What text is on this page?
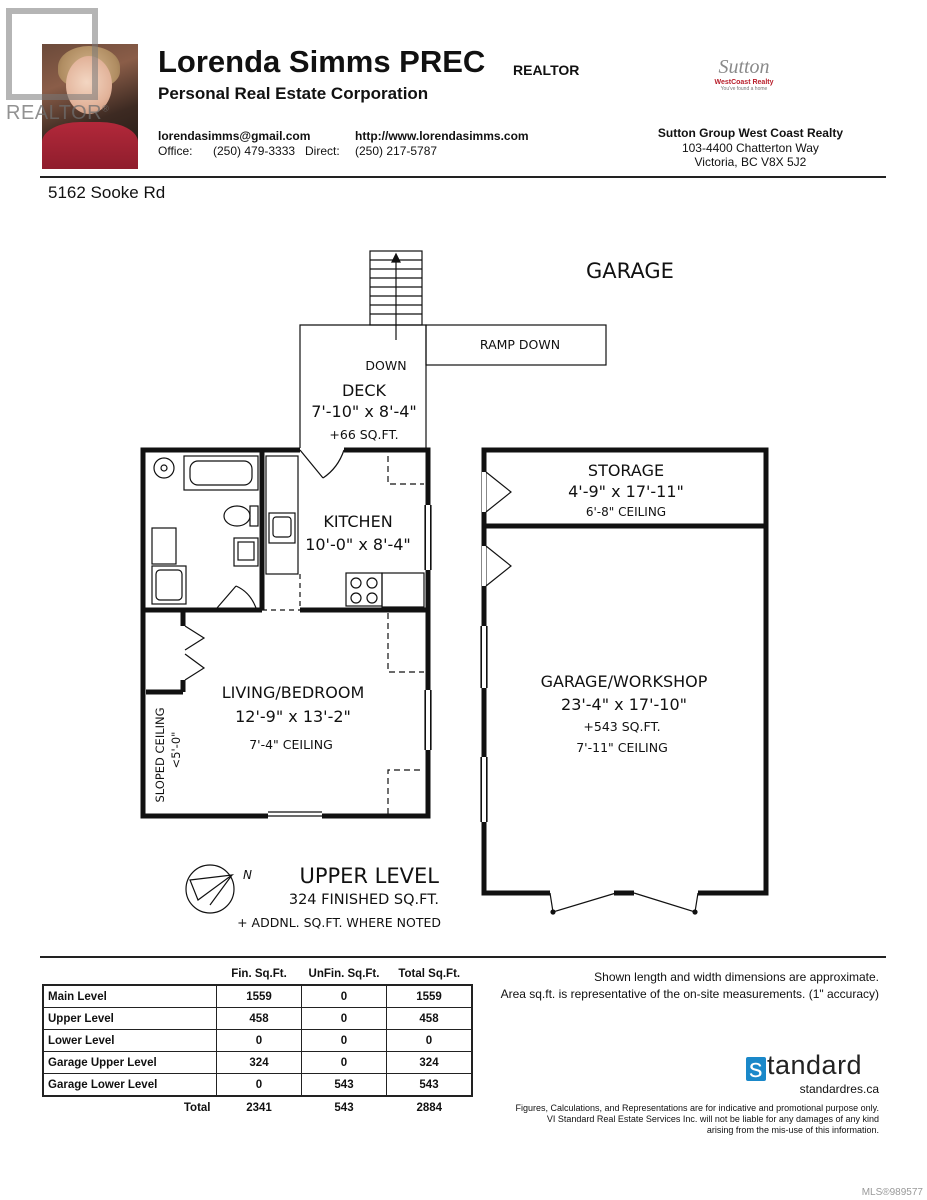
REALTOR®
Lorenda Simms PREC REALTOR
Personal Real Estate Corporation
lorendasimms@gmail.com	http://www.lorendasimms.com
Office: (250) 479-3333 Direct: (250) 217-5787
Sutton
WestCoast Realty
You've found a home
Sutton Group West Coast Realty
103-4400 Chatterton Way
Victoria, BC V8X 5J2
5162 Sooke Rd
GARAGE
DOWN
RAMP DOWN
DECK
7'-10" x 8'-4"
+66 SQ.FT.
KITCHEN
10'-0" x 8'-4"
LIVING/BEDROOM
12'-9" x 13'-2"
7'-4" CEILING
SLOPED CEILING <5'-0"
STORAGE
4'-9" x 17'-11"
6'-8" CEILING
GARAGE/WORKSHOP
23'-4" x 17'-10"
+543 SQ.FT.
7'-11" CEILING
UPPER LEVEL
324 FINISHED SQ.FT.
+ ADDNL. SQ.FT. WHERE NOTED
N
	Fin. Sq.Ft.	UnFin. Sq.Ft.	Total Sq.Ft.
Main Level	1559	0	1559
Upper Level	458	0	458
Lower Level	0	0	0
Garage Upper Level	324	0	324
Garage Lower Level	0	543	543
Total	2341	543	2884
Shown length and width dimensions are approximate.
Area sq.ft. is representative of the on-site measurements. (1" accuracy)
s tandard
standardres.ca
Figures, Calculations, and Representations are for indicative and promotional purpose only.
VI Standard Real Estate Services Inc. will not be liable for any damages of any kind
arising from the mis-use of this information.
MLS®989577
